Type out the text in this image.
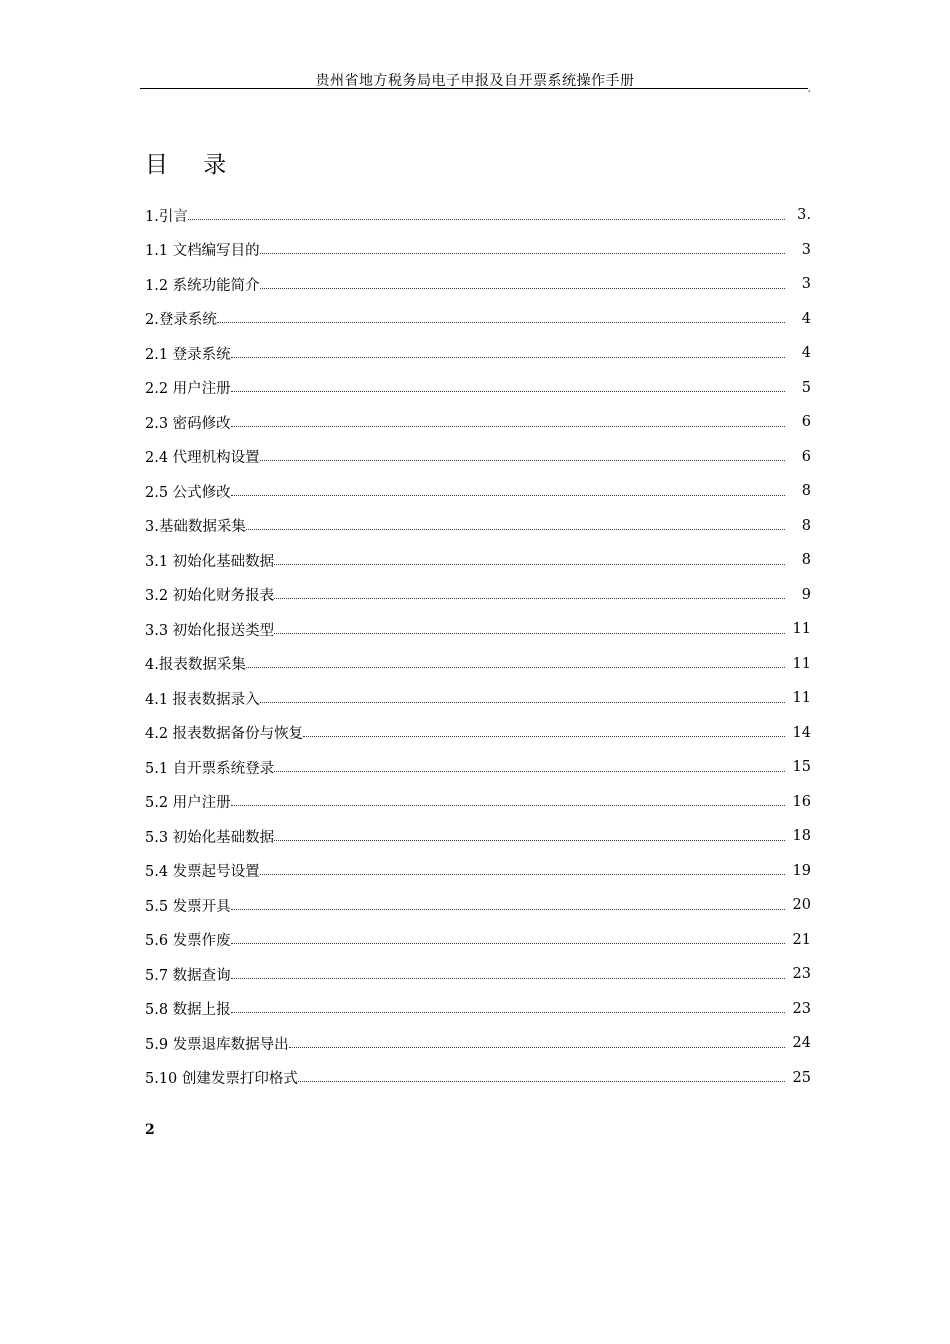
贵州省地方税务局电子申报及自开票系统操作手册	,
目 录
1.引言	3.
1.1 文档编写目的	3
1.2 系统功能简介	3
2.登录系统	4
2.1 登录系统	4
2.2 用户注册	5
2.3 密码修改	6
2.4 代理机构设置	6
2.5 公式修改	8
3.基础数据采集	8
3.1 初始化基础数据	8
3.2 初始化财务报表	9
3.3 初始化报送类型	11
4.报表数据采集	11
4.1 报表数据录入	11
4.2 报表数据备份与恢复	14
5.1 自开票系统登录	15
5.2 用户注册	16
5.3 初始化基础数据	18
5.4 发票起号设置	19
5.5 发票开具	20
5.6 发票作废	21
5.7 数据查询	23
5.8 数据上报	23
5.9 发票退库数据导出	24
5.10 创建发票打印格式	25
2
